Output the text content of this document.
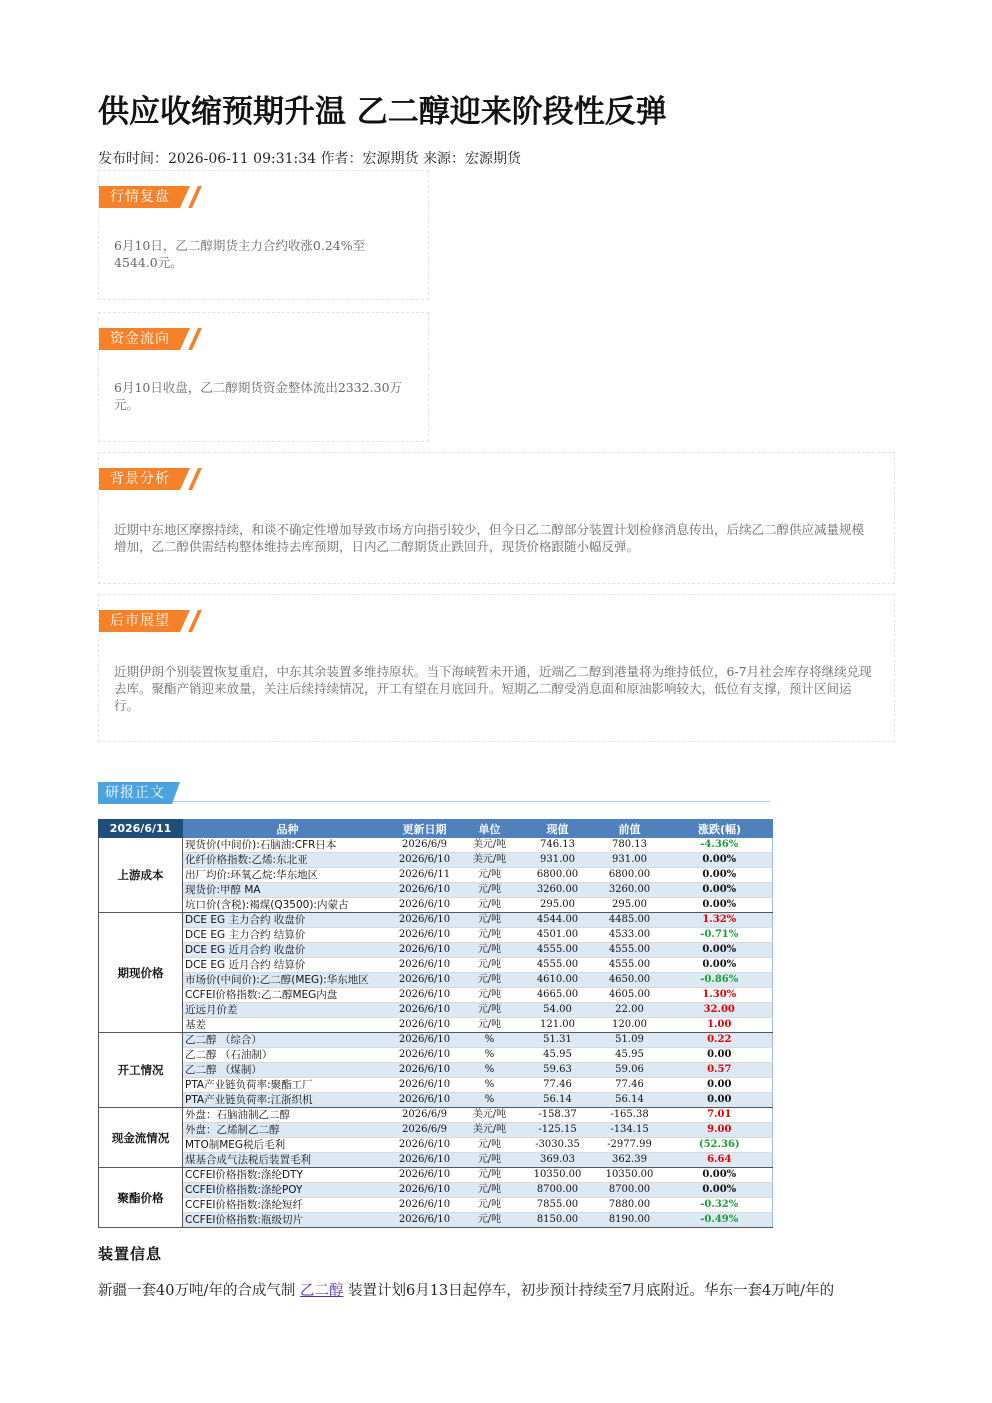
供应收缩预期升温 乙二醇迎来阶段性反弹
发布时间：2026-06-11 09:31:34 作者：宏源期货 来源：宏源期货
行情复盘
6月10日，乙二醇期货主力合约收涨0.24%至4544.0元。
资金流向
6月10日收盘，乙二醇期货资金整体流出2332.30万元。
背景分析
近期中东地区摩擦持续，和谈不确定性增加导致市场方向指引较少，但今日乙二醇部分装置计划检修消息传出，后续乙二醇供应减量规模增加，乙二醇供需结构整体维持去库预期，日内乙二醇期货止跌回升，现货价格跟随小幅反弹。
后市展望
近期伊朗个别装置恢复重启，中东其余装置多维持原状。当下海峡暂未开通，近端乙二醇到港量将为维持低位，6-7月社会库存将继续兑现去库。聚酯产销迎来放量，关注后续持续情况，开工有望在月底回升。短期乙二醇受消息面和原油影响较大，低位有支撑，预计区间运行。
研报正文
2026/6/11	品种	更新日期	单位	现值	前值	涨跌(幅)
上游成本	现货价(中间价):石脑油:CFR日本	2026/6/9	美元/吨	746.13	780.13	-4.36%
	化纤价格指数:乙烯:东北亚	2026/6/10	美元/吨	931.00	931.00	0.00%
	出厂均价:环氧乙烷:华东地区	2026/6/11	元/吨	6800.00	6800.00	0.00%
	现货价:甲醇 MA	2026/6/10	元/吨	3260.00	3260.00	0.00%
	坑口价(含税):褐煤(Q3500):内蒙古	2026/6/10	元/吨	295.00	295.00	0.00%
期现价格	DCE EG 主力合约 收盘价	2026/6/10	元/吨	4544.00	4485.00	1.32%
	DCE EG 主力合约 结算价	2026/6/10	元/吨	4501.00	4533.00	-0.71%
	DCE EG 近月合约 收盘价	2026/6/10	元/吨	4555.00	4555.00	0.00%
	DCE EG 近月合约 结算价	2026/6/10	元/吨	4555.00	4555.00	0.00%
	市场价(中间价):乙二醇(MEG):华东地区	2026/6/10	元/吨	4610.00	4650.00	-0.86%
	CCFEI价格指数:乙二醇MEG内盘	2026/6/10	元/吨	4665.00	4605.00	1.30%
	近远月价差	2026/6/10	元/吨	54.00	22.00	32.00
	基差	2026/6/10	元/吨	121.00	120.00	1.00
开工情况	乙二醇 （综合）	2026/6/10	%	51.31	51.09	0.22
	乙二醇 （石油制）	2026/6/10	%	45.95	45.95	0.00
	乙二醇 （煤制）	2026/6/10	%	59.63	59.06	0.57
	PTA产业链负荷率:聚酯工厂	2026/6/10	%	77.46	77.46	0.00
	PTA产业链负荷率:江浙织机	2026/6/10	%	56.14	56.14	0.00
现金流情况	外盘：石脑油制乙二醇	2026/6/9	美元/吨	-158.37	-165.38	7.01
	外盘：乙烯制乙二醇	2026/6/9	美元/吨	-125.15	-134.15	9.00
	MTO制MEG税后毛利	2026/6/10	元/吨	-3030.35	-2977.99	(52.36)
	煤基合成气法税后装置毛利	2026/6/10	元/吨	369.03	362.39	6.64
聚酯价格	CCFEI价格指数:涤纶DTY	2026/6/10	元/吨	10350.00	10350.00	0.00%
	CCFEI价格指数:涤纶POY	2026/6/10	元/吨	8700.00	8700.00	0.00%
	CCFEI价格指数:涤纶短纤	2026/6/10	元/吨	7855.00	7880.00	-0.32%
	CCFEI价格指数:瓶级切片	2026/6/10	元/吨	8150.00	8190.00	-0.49%
装置信息
新疆一套40万吨/年的合成气制 乙二醇 装置计划6月13日起停车，初步预计持续至7月底附近。华东一套4万吨/年的
